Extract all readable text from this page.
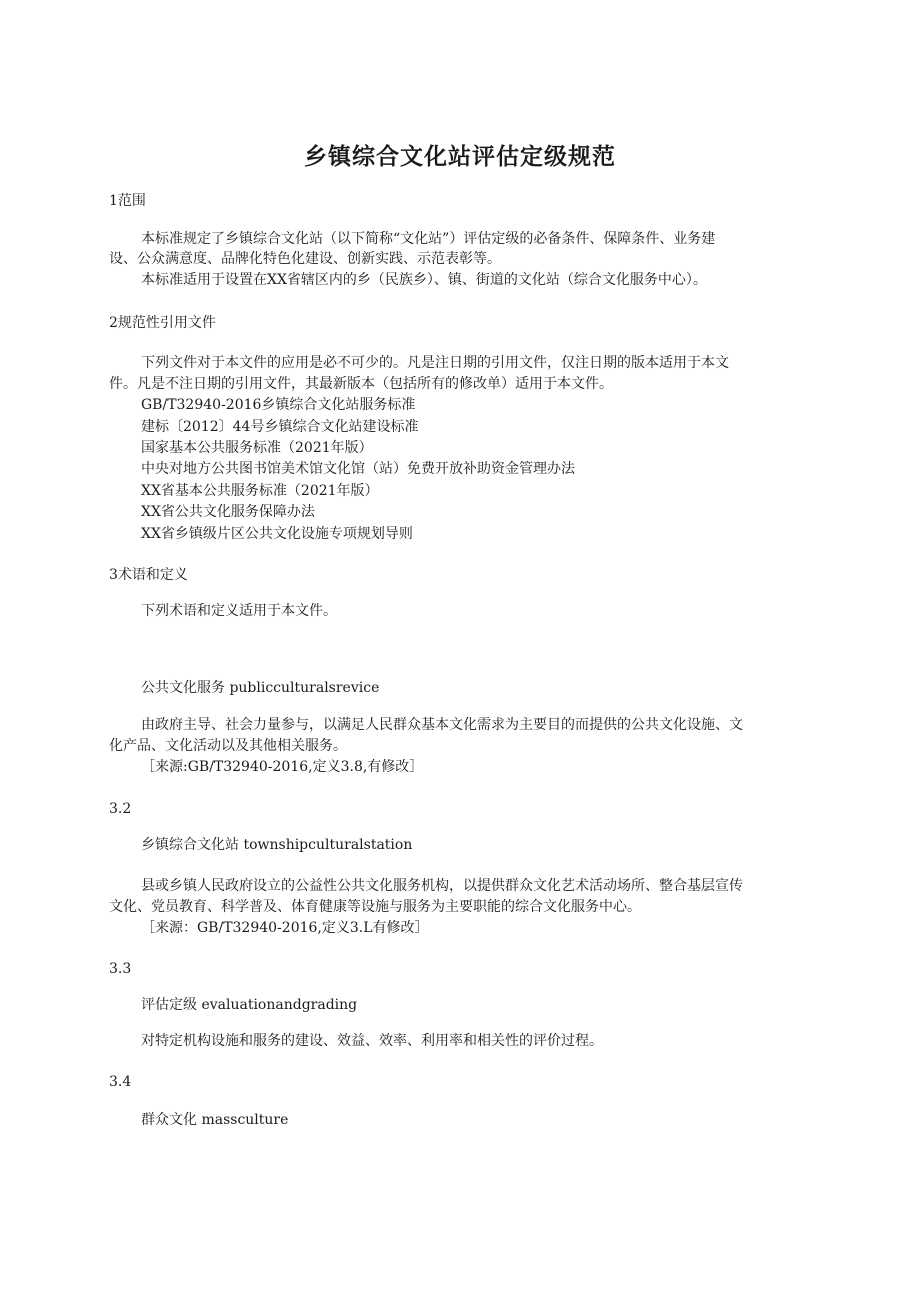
乡镇综合文化站评估定级规范

1范围

本标准规定了乡镇综合文化站（以下简称“文化站”）评估定级的必备条件、保障条件、业务建

设、公众满意度、品牌化特色化建设、创新实践、示范表彰等。

本标准适用于设置在XX省辖区内的乡（民族乡）、镇、街道的文化站（综合文化服务中心）。

2规范性引用文件

下列文件对于本文件的应用是必不可少的。凡是注日期的引用文件，仅注日期的版本适用于本文

件。凡是不注日期的引用文件，其最新版本（包括所有的修改单）适用于本文件。

GB/T32940-2016乡镇综合文化站服务标准

建标〔2012〕44号乡镇综合文化站建设标准

国家基本公共服务标准（2021年版）

中央对地方公共图书馆美术馆文化馆（站）免费开放补助资金管理办法

XX省基本公共服务标准（2021年版）

XX省公共文化服务保障办法

XX省乡镇级片区公共文化设施专项规划导则

3术语和定义

下列术语和定义适用于本文件。

公共文化服务 publicculturalsrevice

由政府主导、社会力量参与，以满足人民群众基本文化需求为主要目的而提供的公共文化设施、文

化产品、文化活动以及其他相关服务。

［来源:GB/T32940-2016,定义3.8,有修改］

3.2

乡镇综合文化站 townshipculturalstation

县或乡镇人民政府设立的公益性公共文化服务机构，以提供群众文化艺术活动场所、整合基层宣传

文化、党员教育、科学普及、体育健康等设施与服务为主要职能的综合文化服务中心。

［来源：GB/T32940-2016,定义3.L有修改］

3.3

评估定级 evaluationandgrading

对特定机构设施和服务的建设、效益、效率、利用率和相关性的评价过程。

3.4

群众文化 massculture
